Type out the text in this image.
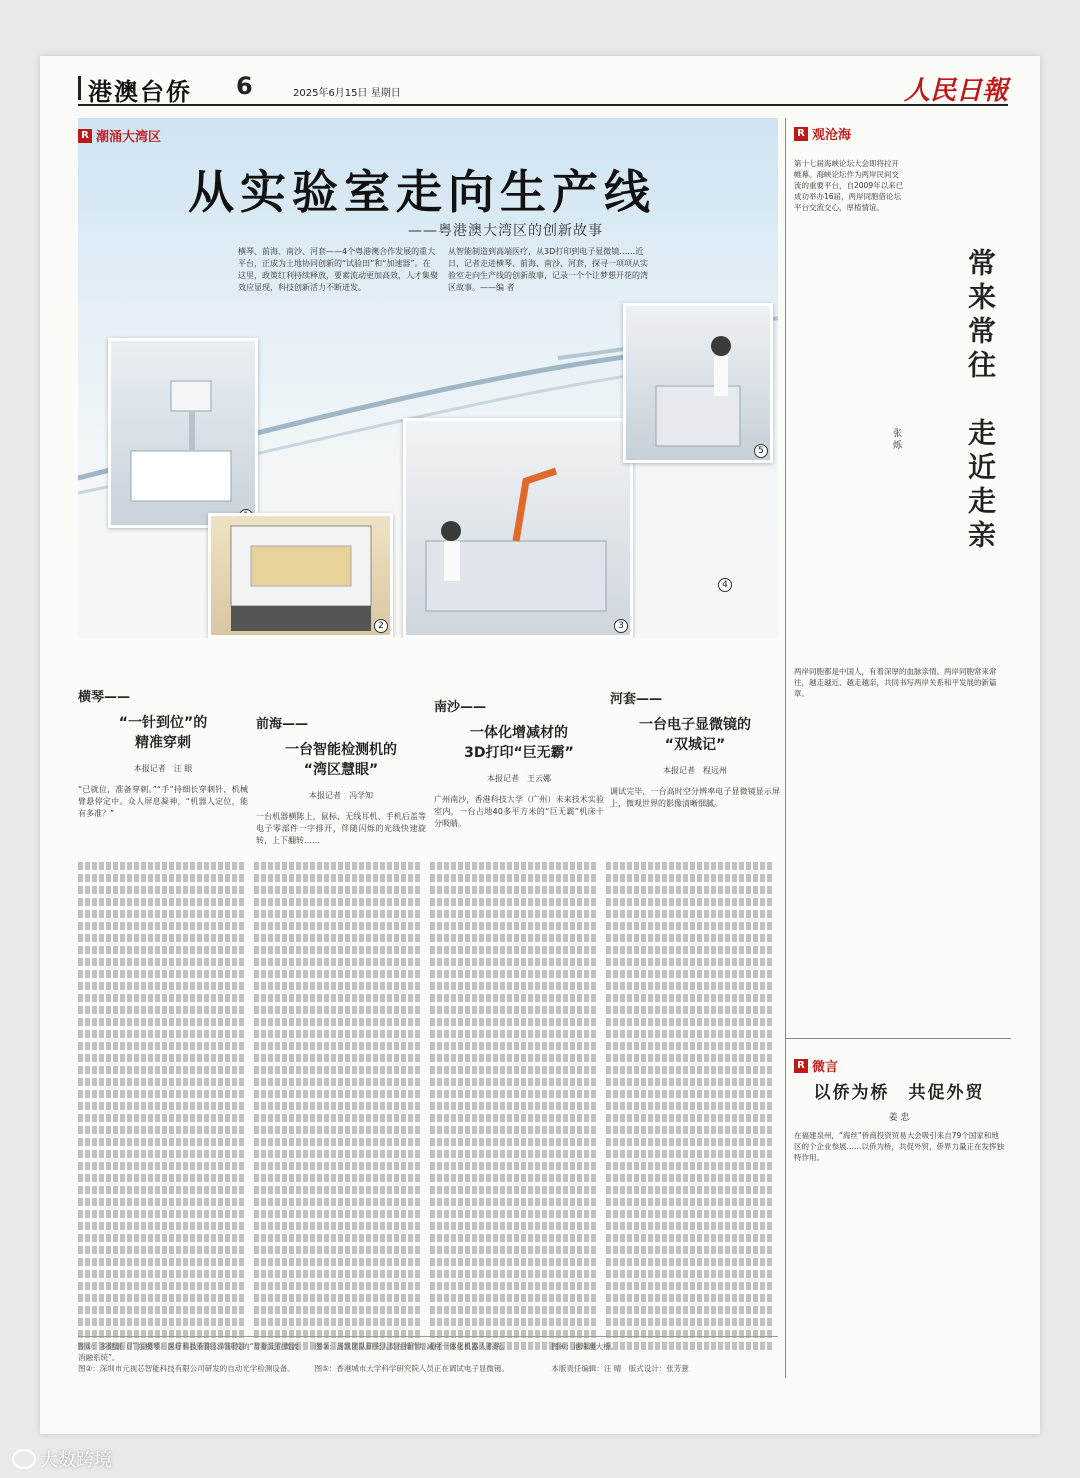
港澳台侨 6	2025年6月15日 星期日	人民日報
R 潮涌大湾区
从实验室走向生产线
——粤港澳大湾区的创新故事
横琴、前海、南沙、河套——4个粤港澳合作发展的重大平台，正成为土地协同创新的“试验田”和“加速器”。在这里，政策红利持续释放，要素流动更加高效，人才集聚效应显现，科技创新活力不断迸发。
从智能制造到高端医疗，从3D打印到电子显微镜……近日，记者走进横琴、前海、南沙、河套，探寻一项项从实验室走向生产线的创新故事，记录一个个让梦想开花的湾区故事。——编 者
2	3
5
4
横琴——
“一针到位”的
精准穿刺
本报记者　汪 眼
“已就位，准备穿刺。”“手”持细长穿刺针，机械臂悬停定中。众人屏息凝神，“机器人定位，能有多准？”
前海——
一台智能检测机的
“湾区慧眼”
本报记者　冯学知
一台机器横陈上，鼠标、无线耳机、手机后盖等电子零部件一字排开，伴随闪烁的光线快速旋转，上下翻转……
南沙——
一体化增减材的
3D打印“巨无霸”
本报记者　王云娜
广州南沙，香港科技大学（广州）未来技术实验室内，一台占地40多平方米的“巨无霸”机床十分吸睛。
河套——
一台电子显微镜的
“双城记”
本报记者　程远州
调试完毕，一台高时空分辨率电子显微镜显示屏上，微观世界的影像清晰细腻。
图①：多健康（广东横琴）医疗科技有限公司研发的“导航定位微波消融系统”。
图③：汤凯团队研究人员在操作增减材一体化机器人系统。	图④：港珠澳大桥。
图②：深圳市元视芯智能科技有限公司研发的自动光学检测设备。	图⑤：香港城市大学科学研究院人员正在调试电子显微镜。	本版责任编辑：汪 晴　版式设计：张芳薏
R 观沧海
第十七届海峡论坛大会即将拉开帷幕。海峡论坛作为两岸民间交流的重要平台，自2009年以来已成功举办16届，两岸同胞借论坛平台交流交心，厚植情谊。
常来常往　走近走亲
张 烁
两岸同胞都是中国人，有着深厚的血脉亲情。两岸同胞常来常往，越走越近、越走越亲，共同书写两岸关系和平发展的新篇章。
R 微言
以侨为桥　共促外贸
姜 忠
在福建泉州，“海丝”侨商投资贸易大会吸引来自79个国家和地区的个企业参展……以侨为桥，共促外贸，侨界力量正在发挥独特作用。
大数跨境
